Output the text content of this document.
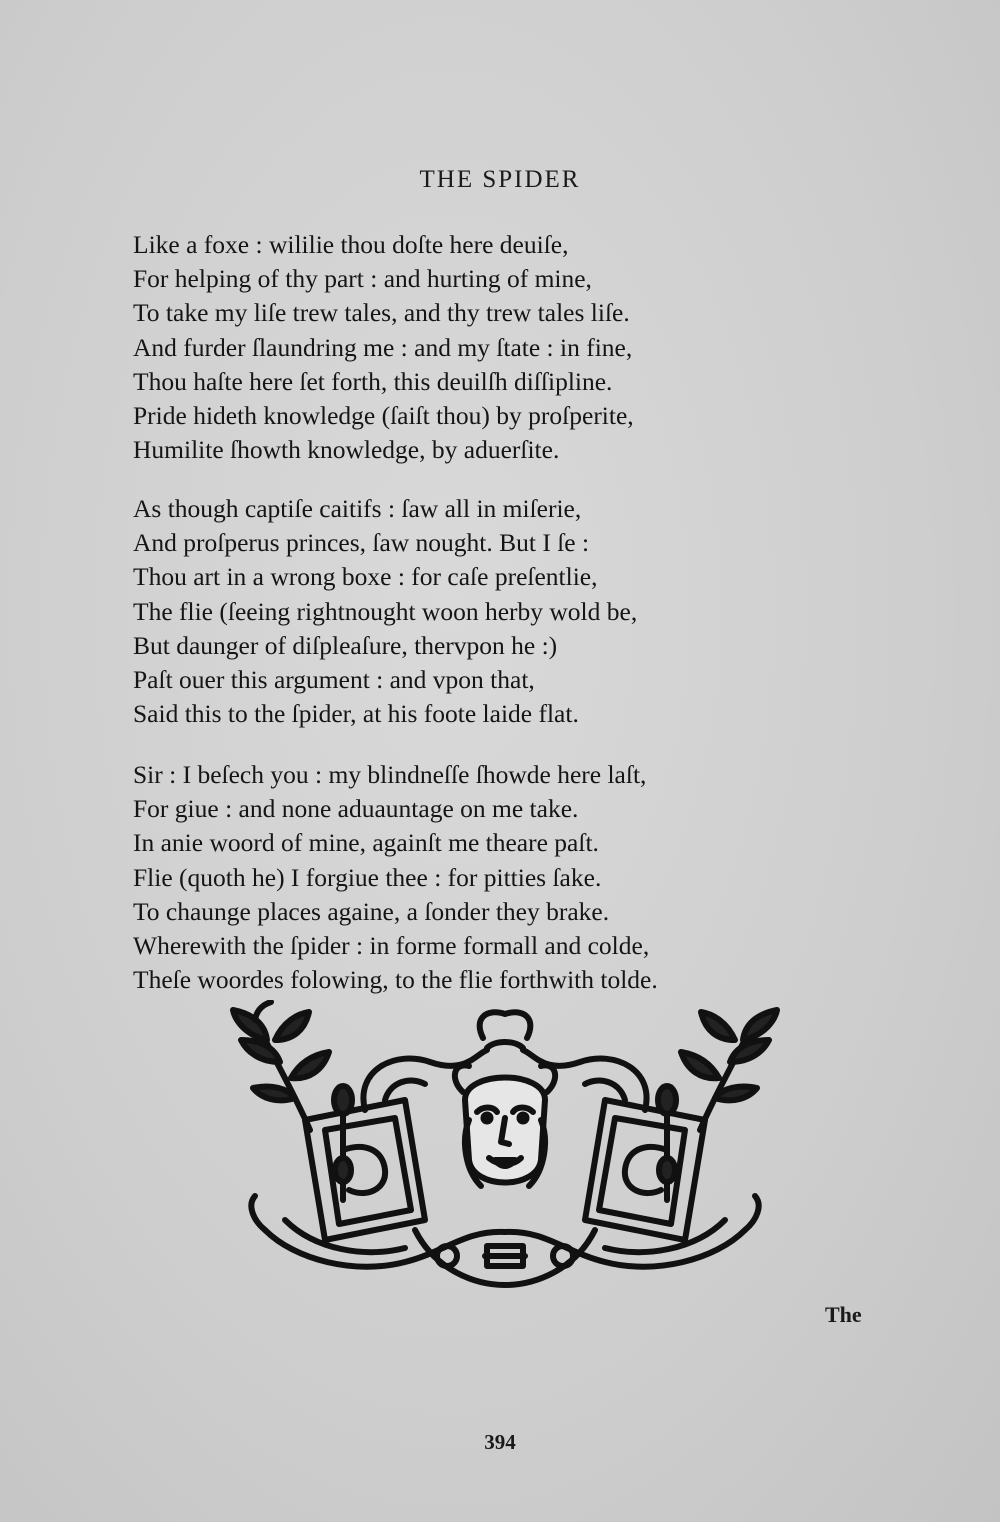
THE SPIDER
Like a foxe : wililie thou doſte here deuiſe,
For helping of thy part : and hurting of mine,
To take my liſe trew tales, and thy trew tales liſe.
And furder ſlaundring me : and my ſtate : in fine,
Thou haſte here ſet forth, this deuilſh diſſipline.
Pride hideth knowledge (ſaiſt thou) by proſperite,
Humilite ſhowth knowledge, by aduerſite.
As though captiſe caitifs : ſaw all in miſerie,
And proſperus princes, ſaw nought. But I ſe :
Thou art in a wrong boxe : for caſe preſentlie,
The flie (ſeeing rightnought woon herby wold be,
But daunger of diſpleaſure, thervpon he :)
Paſt ouer this argument : and vpon that,
Said this to the ſpider, at his foote laide flat.
Sir : I beſech you : my blindneſſe ſhowde here laſt,
For giue : and none aduauntage on me take.
In anie woord of mine, againſt me theare paſt.
Flie (quoth he) I forgiue thee : for pitties ſake.
To chaunge places againe, a ſonder they brake.
Wherewith the ſpider : in forme formall and colde,
Theſe woordes folowing, to the flie forthwith tolde.
The
394
